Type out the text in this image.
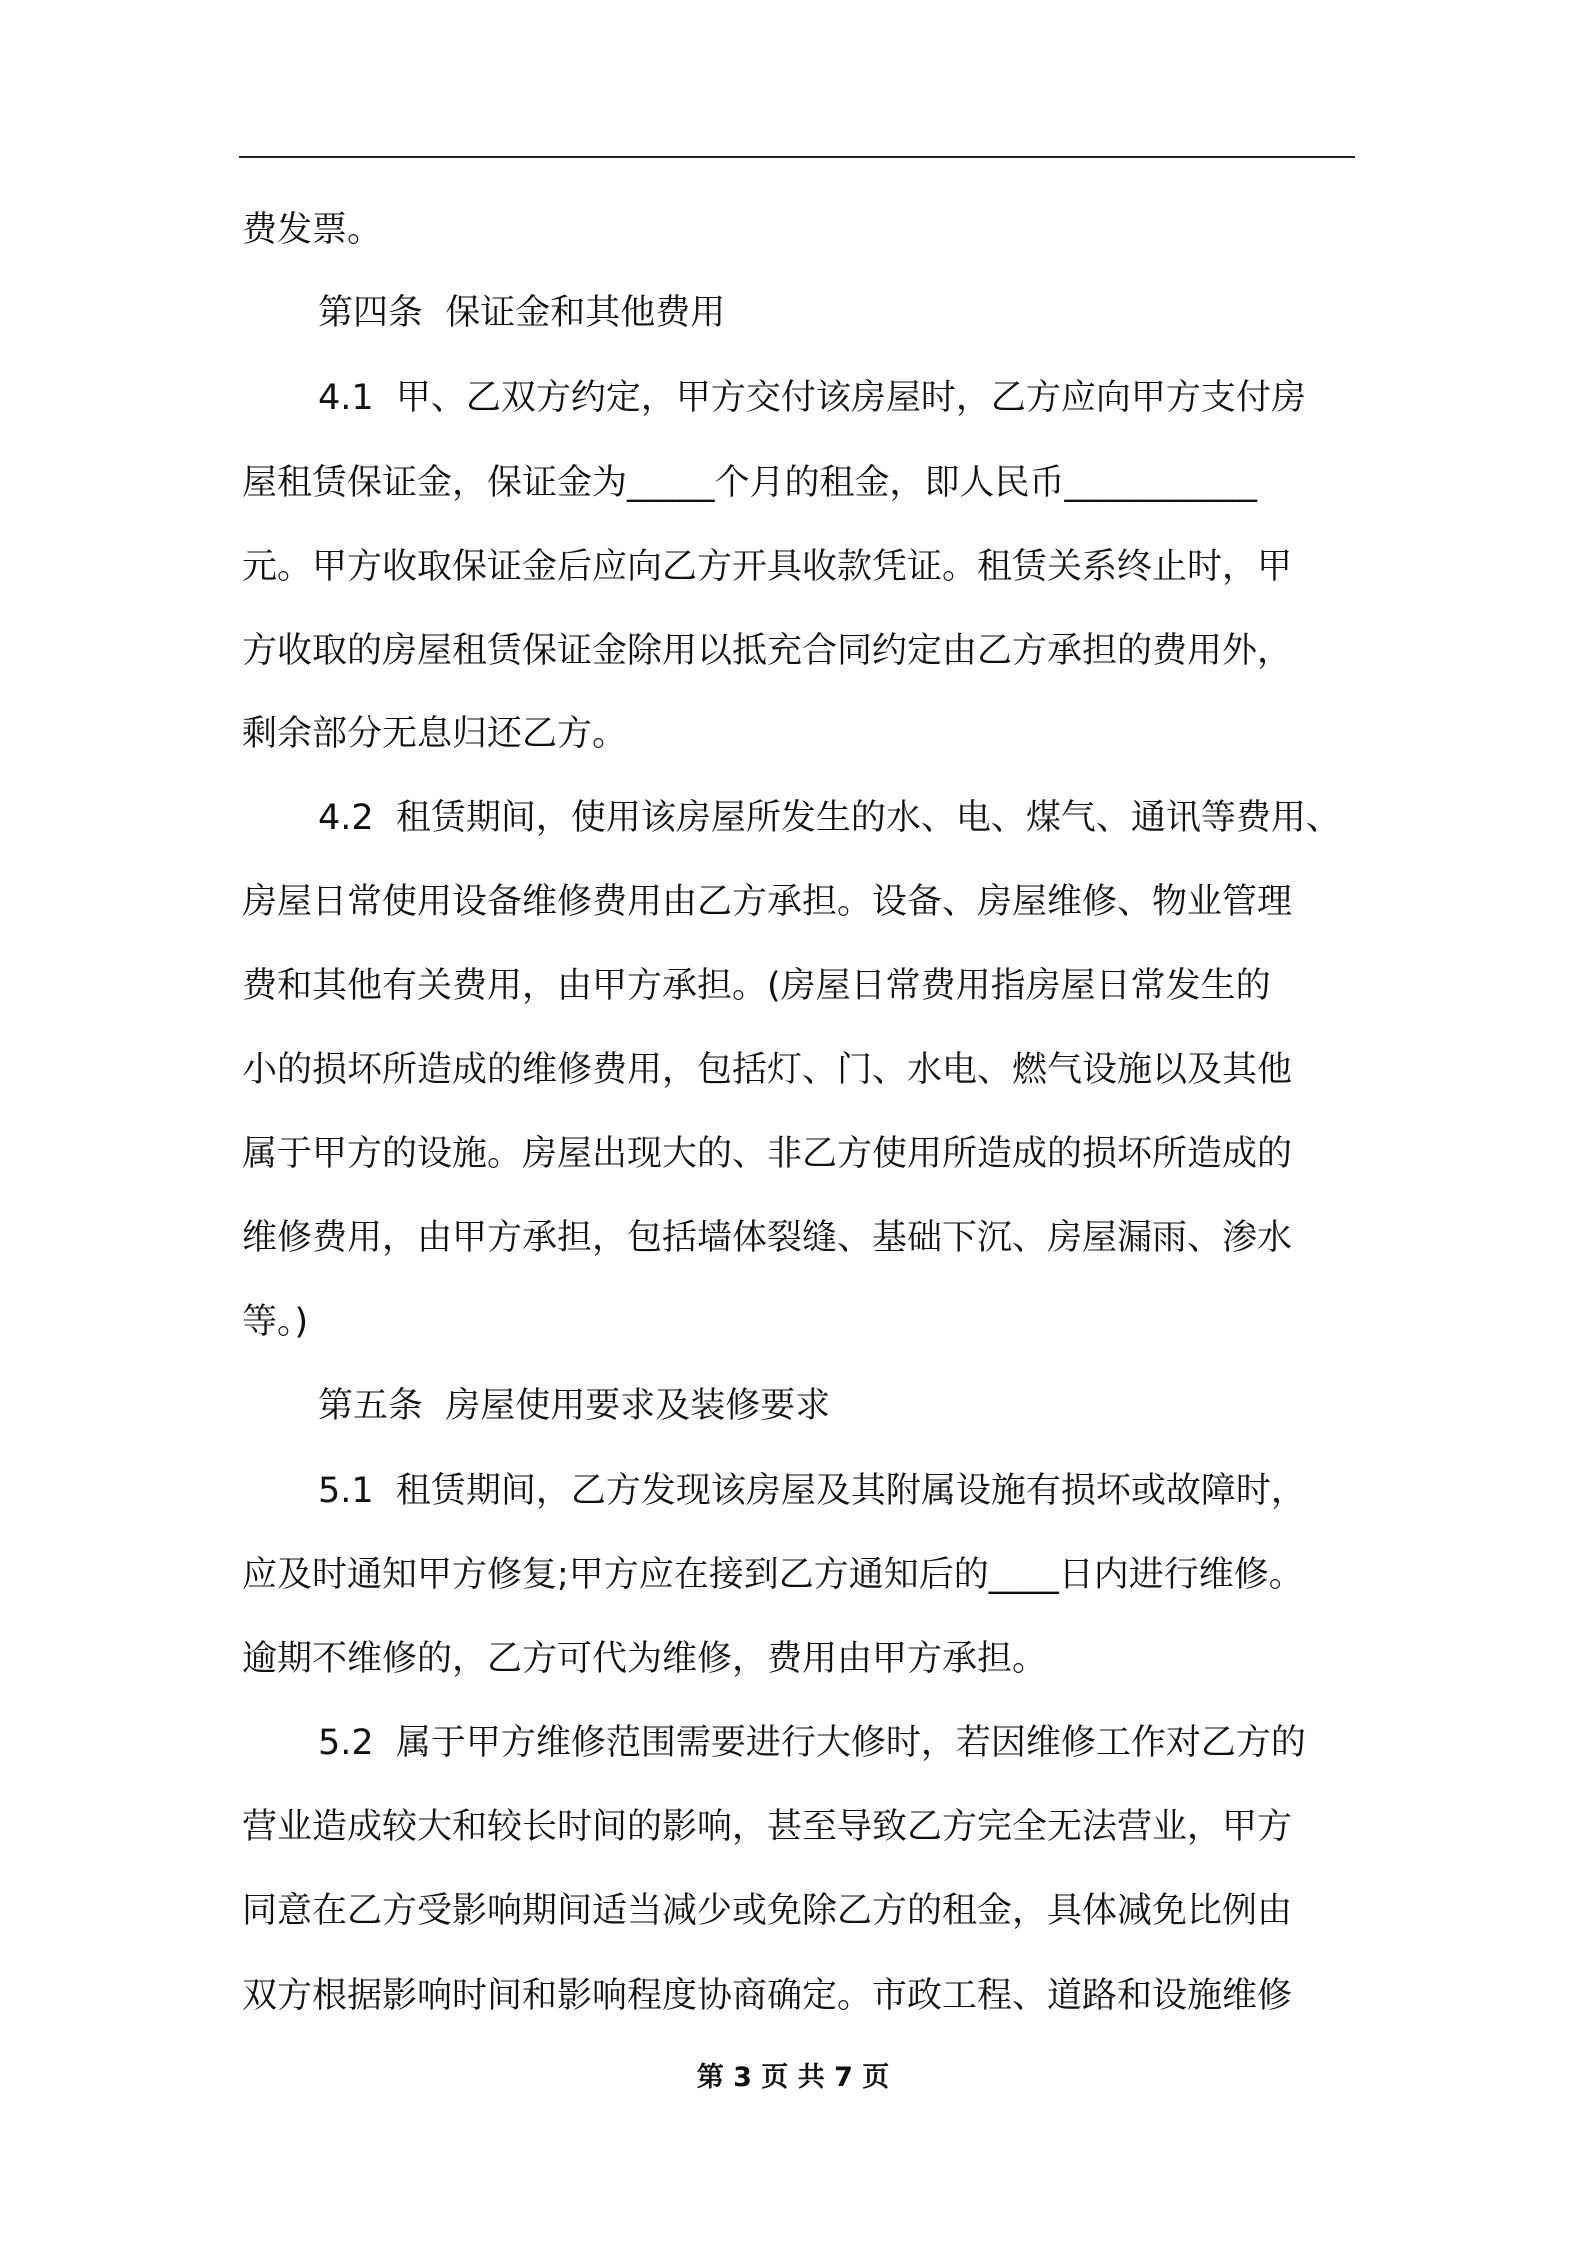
费发票。

第四条  保证金和其他费用

4.1  甲、乙双方约定，甲方交付该房屋时，乙方应向甲方支付房

屋租赁保证金，保证金为_____个月的租金，即人民币___________

元。甲方收取保证金后应向乙方开具收款凭证。租赁关系终止时，甲

方收取的房屋租赁保证金除用以抵充合同约定由乙方承担的费用外，

剩余部分无息归还乙方。

4.2  租赁期间，使用该房屋所发生的水、电、煤气、通讯等费用、

房屋日常使用设备维修费用由乙方承担。设备、房屋维修、物业管理

费和其他有关费用，由甲方承担。(房屋日常费用指房屋日常发生的

小的损坏所造成的维修费用，包括灯、门、水电、燃气设施以及其他

属于甲方的设施。房屋出现大的、非乙方使用所造成的损坏所造成的

维修费用，由甲方承担，包括墙体裂缝、基础下沉、房屋漏雨、渗水

等。)

第五条  房屋使用要求及装修要求

5.1  租赁期间，乙方发现该房屋及其附属设施有损坏或故障时，

应及时通知甲方修复;甲方应在接到乙方通知后的____日内进行维修。

逾期不维修的，乙方可代为维修，费用由甲方承担。

5.2  属于甲方维修范围需要进行大修时，若因维修工作对乙方的

营业造成较大和较长时间的影响，甚至导致乙方完全无法营业，甲方

同意在乙方受影响期间适当减少或免除乙方的租金，具体减免比例由

双方根据影响时间和影响程度协商确定。市政工程、道路和设施维修

第 3 页 共 7 页
